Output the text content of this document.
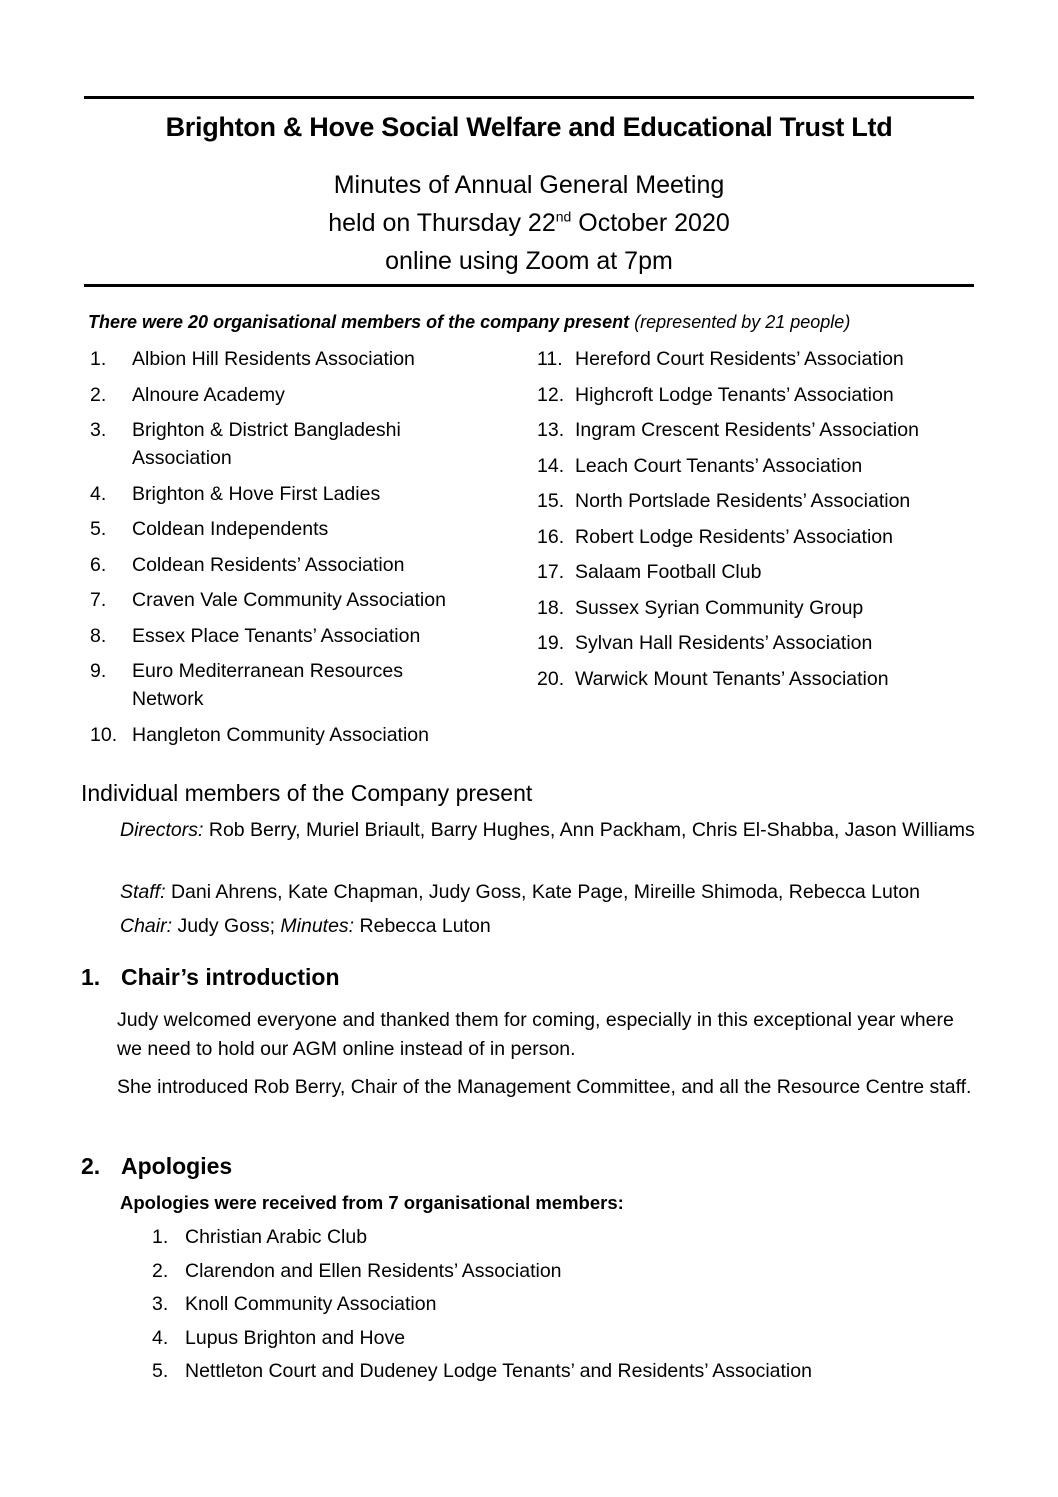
Brighton & Hove Social Welfare and Educational Trust Ltd
Minutes of Annual General Meeting
held on Thursday 22nd October 2020
online using Zoom at 7pm
There were 20 organisational members of the company present (represented by 21 people)
1.	Albion Hill Residents Association
2.	Alnoure Academy
3.	Brighton & District Bangladeshi Association
4.	Brighton & Hove First Ladies
5.	Coldean Independents
6.	Coldean Residents’ Association
7.	Craven Vale Community Association
8.	Essex Place Tenants’ Association
9.	Euro Mediterranean Resources Network
10. Hangleton Community Association
11. Hereford Court Residents’ Association
12. Highcroft Lodge Tenants’ Association
13. Ingram Crescent Residents’ Association
14. Leach Court Tenants’ Association
15. North Portslade Residents’ Association
16. Robert Lodge Residents’ Association
17. Salaam Football Club
18. Sussex Syrian Community Group
19. Sylvan Hall Residents’ Association
20. Warwick Mount Tenants’ Association
Individual members of the Company present
Directors: Rob Berry, Muriel Briault, Barry Hughes, Ann Packham, Chris El-Shabba, Jason Williams
Staff: Dani Ahrens, Kate Chapman, Judy Goss, Kate Page, Mireille Shimoda, Rebecca Luton
Chair: Judy Goss; Minutes: Rebecca Luton
1. Chair’s introduction
Judy welcomed everyone and thanked them for coming, especially in this exceptional year where we need to hold our AGM online instead of in person.
She introduced Rob Berry, Chair of the Management Committee, and all the Resource Centre staff.
2. Apologies
Apologies were received from 7 organisational members:
1. Christian Arabic Club
2. Clarendon and Ellen Residents’ Association
3. Knoll Community Association
4. Lupus Brighton and Hove
5. Nettleton Court and Dudeney Lodge Tenants’ and Residents’ Association
